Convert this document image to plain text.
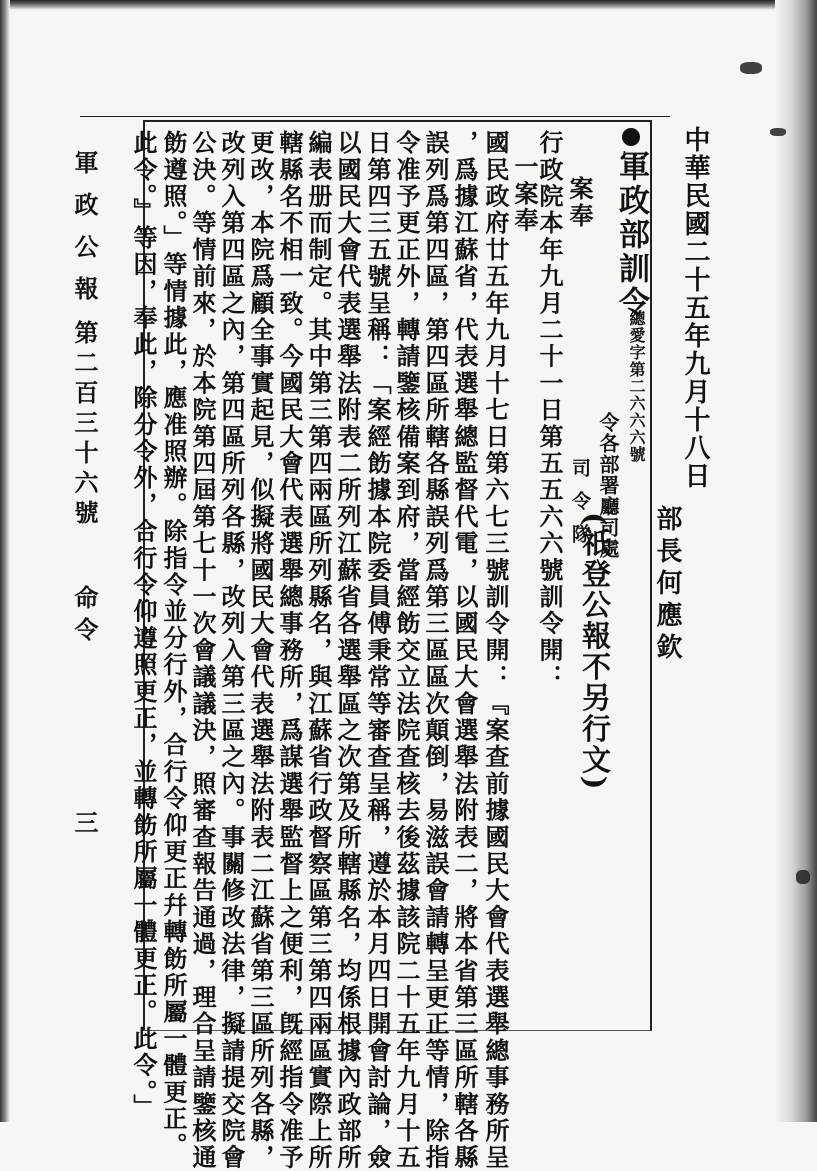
中華民國二十五年九月十八日
軍政部訓令
總愛字第二六六六號
令各部署廳司處
司令隊
(祇登公報不另行文) 部長何應欽
案奉
行政院本年九月二十一日第五五六六號訓令開：
一案奉
國民政府廿五年九月十七日第六七三號訓令開：『案查前據國民大會代表選舉總事務所呈
，爲據江蘇省，代表選舉總監督代電，以國民大會選舉法附表二，將本省第三區所轄各縣
誤列爲第四區，第四區所轄各縣誤列爲第三區區次顛倒，易滋誤會請轉呈更正等情，除指
令准予更正外，轉請鑒核備案到府，當經飭交立法院查核去後茲據該院二十五年九月十五
日第四三五號呈稱：「案經飭據本院委員傅秉常等審查呈稱，遵於本月四日開會討論，僉
以國民大會代表選舉法附表二所列江蘇省各選舉區之次第及所轄縣名，均係根據內政部所
編表册而制定。其中第三第四兩區所列縣名，與江蘇省行政督察區第三第四兩區實際上所
轄縣名不相一致。今國民大會代表選舉總事務所，爲謀選舉監督上之便利，旣經指令准予
更改，本院爲顧全事實起見，似擬將國民大會代表選舉法附表二江蘇省第三區所列各縣，
改列入第四區之內，第四區所列各縣，改列入第三區之內。事關修改法律，擬請提交院會
公決。等情前來，於本院第四屆第七十一次會議議決，照審查報告通過，理合呈請鑒核通
飭遵照。」等情據此，應准照辦。除指令並分行外，合行令仰更正幷轉飭所屬一體更正。
此令。』等因，奉此，除分令外，合行令仰遵照更正，並轉飭所屬一體更正。此令。」
軍政公報
第二百三十六號
命令
三
